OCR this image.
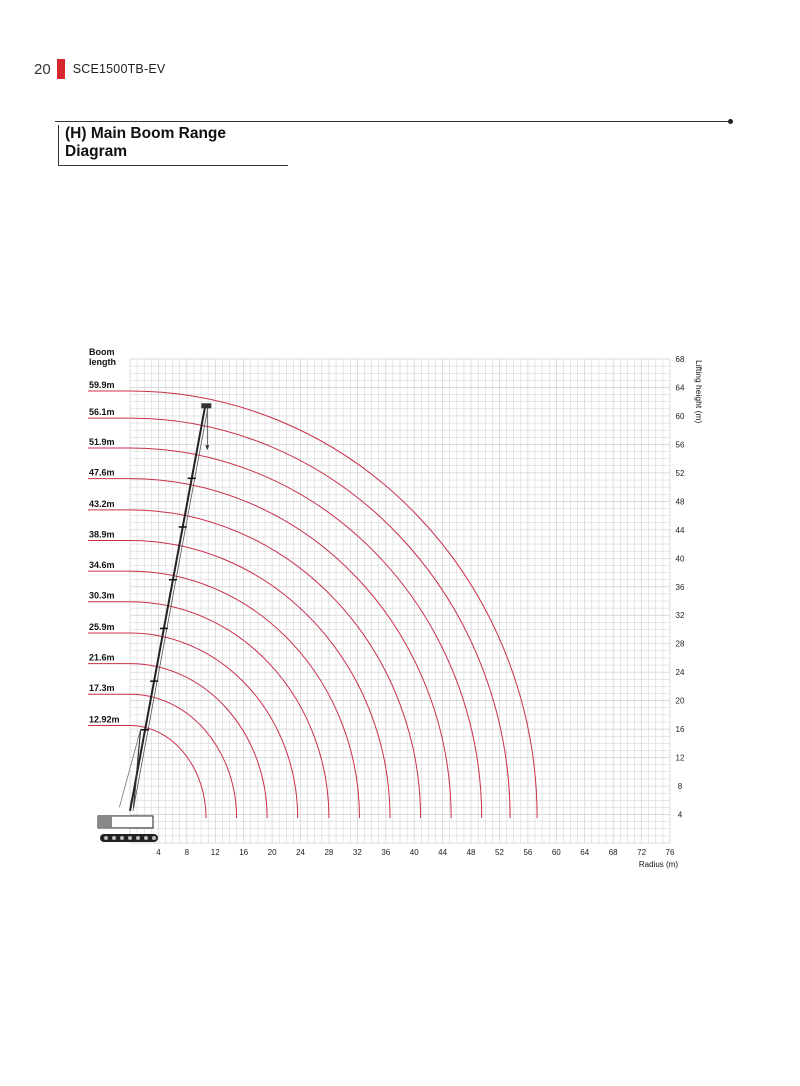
20 SCE1500TB-EV
(H) Main Boom Range Diagram
4	8	12 16 20 24 28 32 36 40 44 48 52 56 60 64 68 72 76
4
8
12
16
20
24
28
32
36
40
44
48
52
56
60
64
68
Radius (m)
Lifting height (m)
Boom
length
59.9m
56.1m
51.9m
47.6m
43.2m
38.9m
34.6m
30.3m
25.9m
21.6m
17.3m
12.92m
